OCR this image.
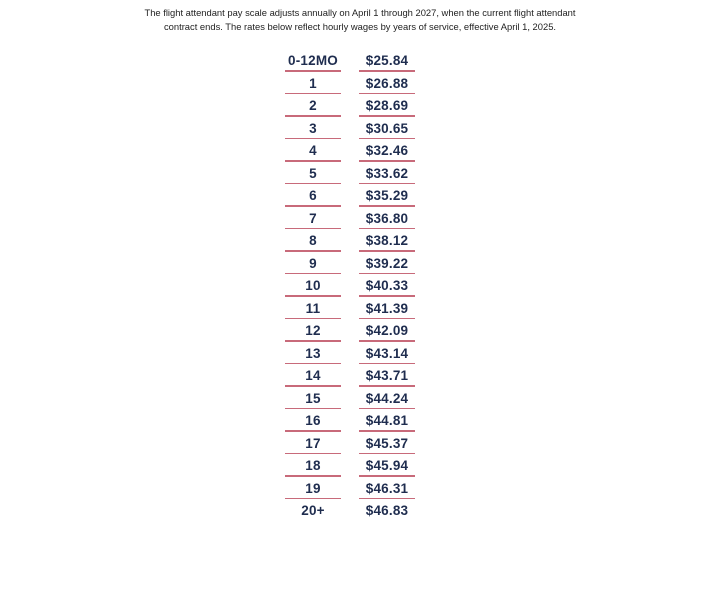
The flight attendant pay scale adjusts annually on April 1 through 2027, when the current flight attendant

contract ends. The rates below reflect hourly wages by years of service, effective April 1, 2025.

0-12MO	$25.84
1	$26.88
2	$28.69
3	$30.65
4	$32.46
5	$33.62
6	$35.29
7	$36.80
8	$38.12
9	$39.22
10	$40.33
11	$41.39
12	$42.09
13	$43.14
14	$43.71
15	$44.24
16	$44.81
17	$45.37
18	$45.94
19	$46.31
20+	$46.83
